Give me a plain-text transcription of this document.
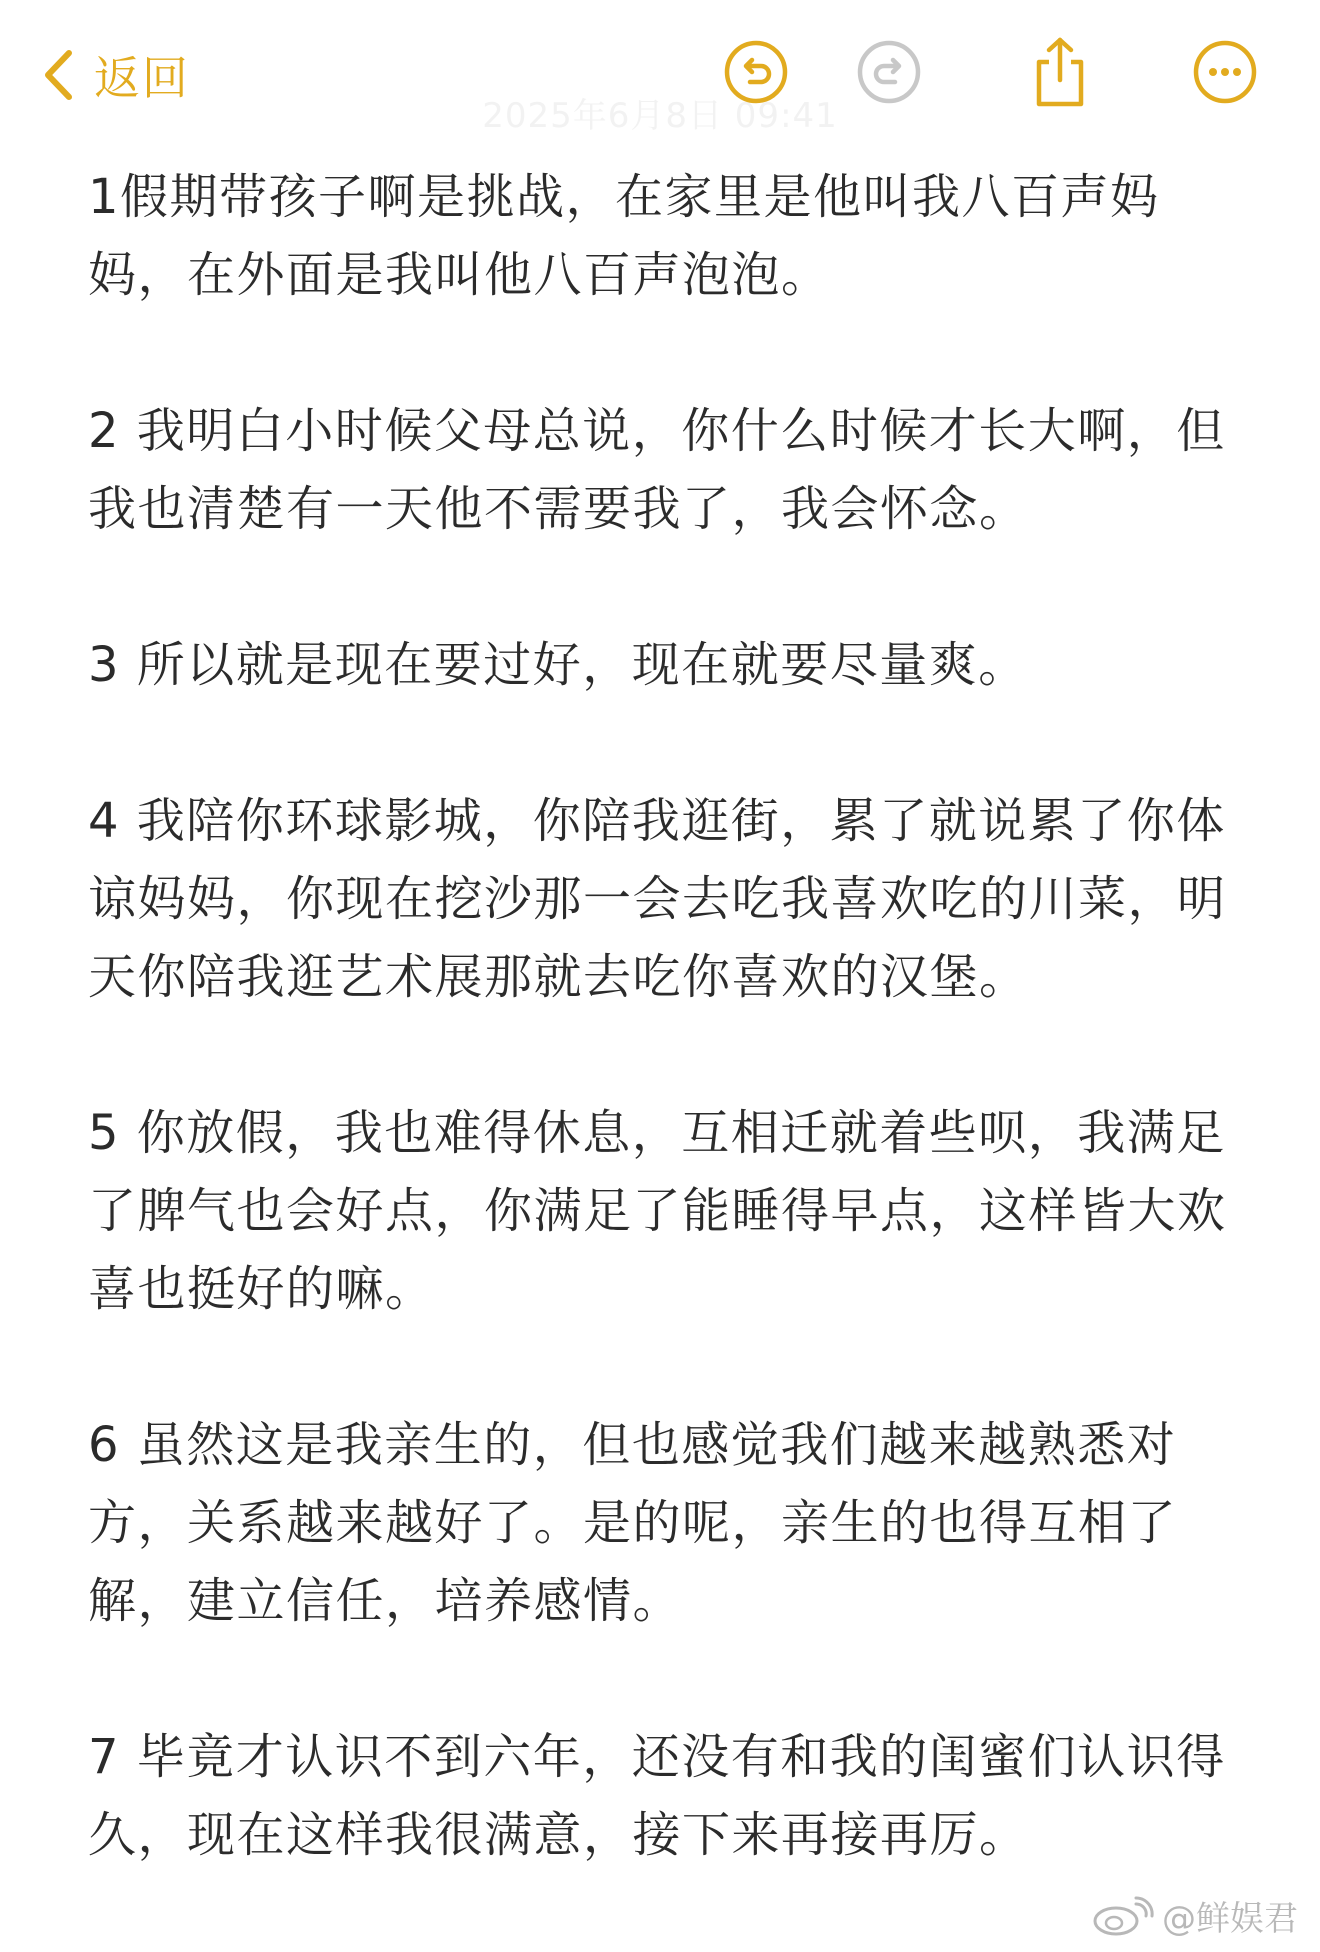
返回
2025年6月8日 09:41

1假期带孩子啊是挑战，在家里是他叫我八百声妈妈，在外面是我叫他八百声泡泡。

2 我明白小时候父母总说，你什么时候才长大啊，但我也清楚有一天他不需要我了，我会怀念。

3 所以就是现在要过好，现在就要尽量爽。

4 我陪你环球影城，你陪我逛街，累了就说累了你体谅妈妈，你现在挖沙那一会去吃我喜欢吃的川菜，明天你陪我逛艺术展那就去吃你喜欢的汉堡。

5 你放假，我也难得休息，互相迁就着些呗，我满足了脾气也会好点，你满足了能睡得早点，这样皆大欢喜也挺好的嘛。

6 虽然这是我亲生的，但也感觉我们越来越熟悉对方，关系越来越好了。是的呢，亲生的也得互相了解，建立信任，培养感情。

7 毕竟才认识不到六年，还没有和我的闺蜜们认识得久，现在这样我很满意，接下来再接再厉。

@鲜娱君
